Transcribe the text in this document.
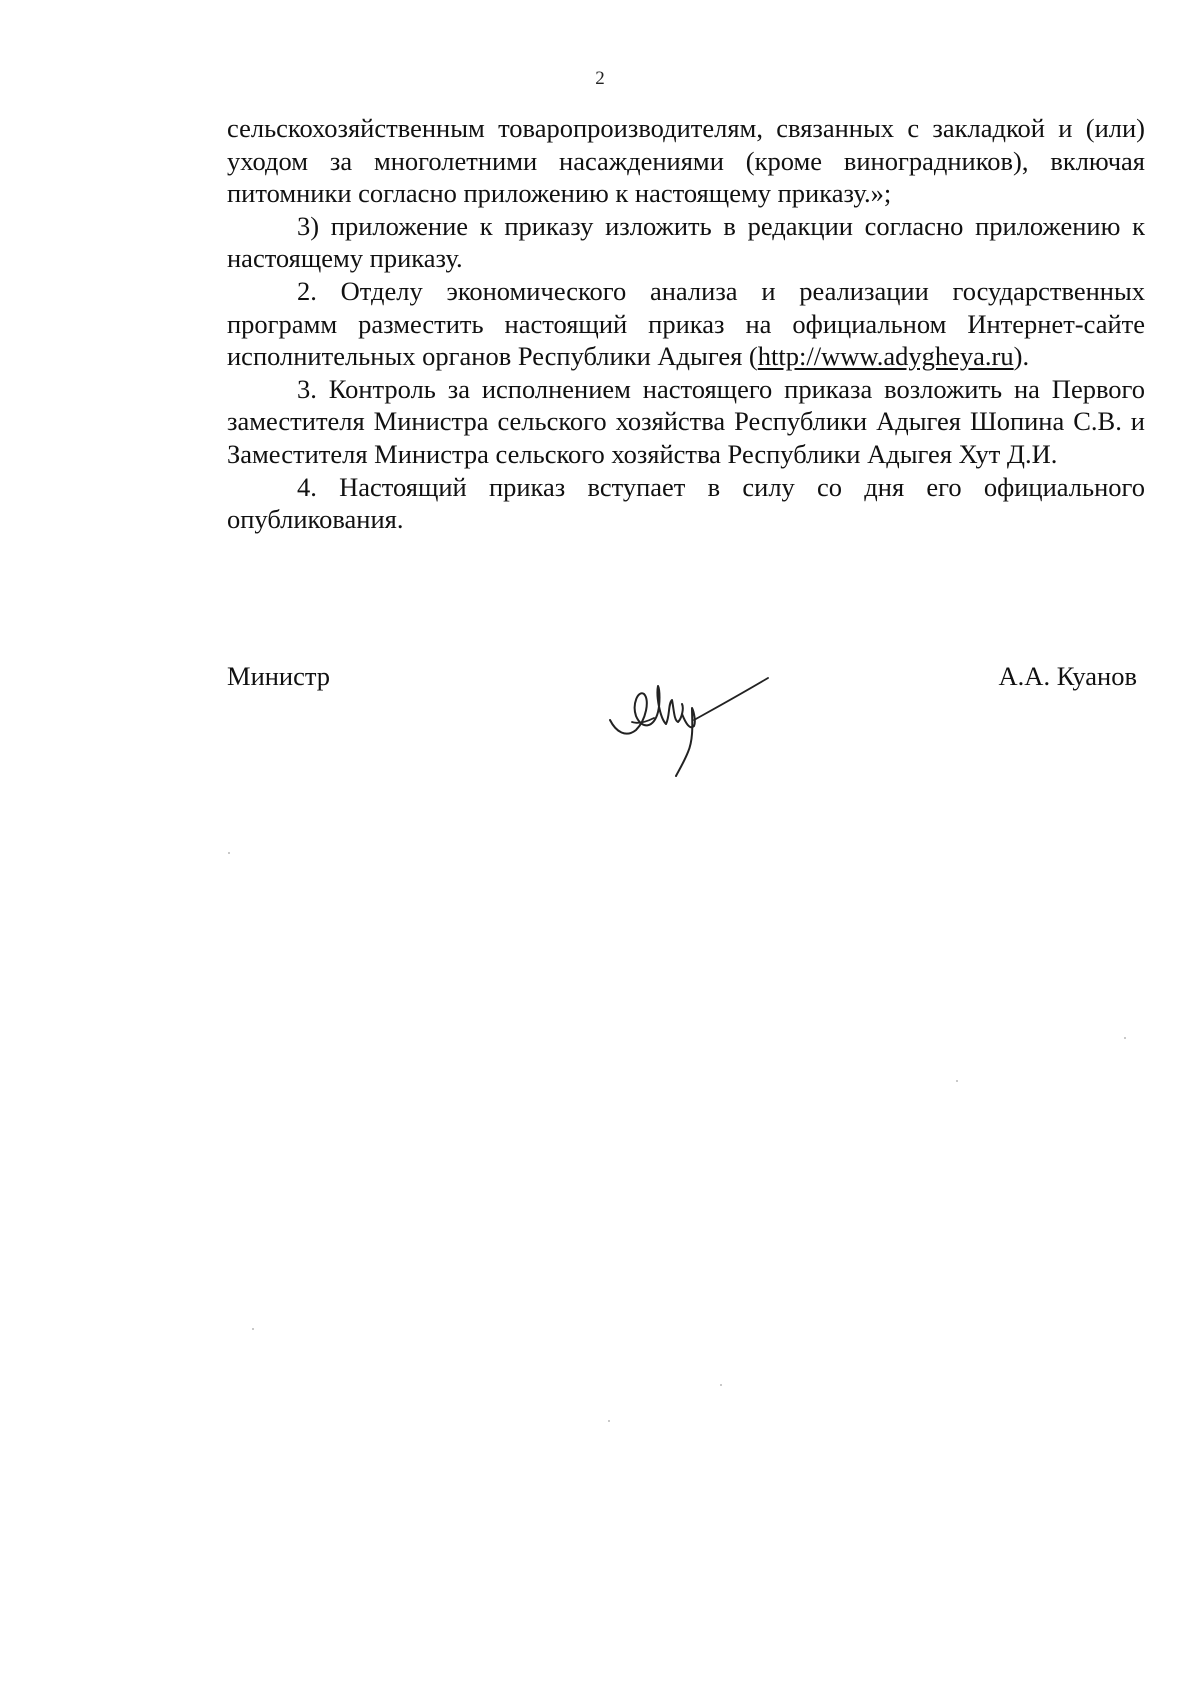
2

сельскохозяйственным товаропроизводителям, связанных с закладкой и (или) уходом за многолетними насаждениями (кроме виноградников), включая питомники согласно приложению к настоящему приказу.»;

3) приложение к приказу изложить в редакции согласно приложению к настоящему приказу.

2. Отделу экономического анализа и реализации государственных программ разместить настоящий приказ на официальном Интернет-сайте исполнительных органов Республики Адыгея (http://www.adygheya.ru).

3. Контроль за исполнением настоящего приказа возложить на Первого заместителя Министра сельского хозяйства Республики Адыгея Шопина С.В. и Заместителя Министра сельского хозяйства Республики Адыгея Хут Д.И.

4. Настоящий приказ вступает в силу со дня его официального опубликования.

Министр	А.А. Куанов
